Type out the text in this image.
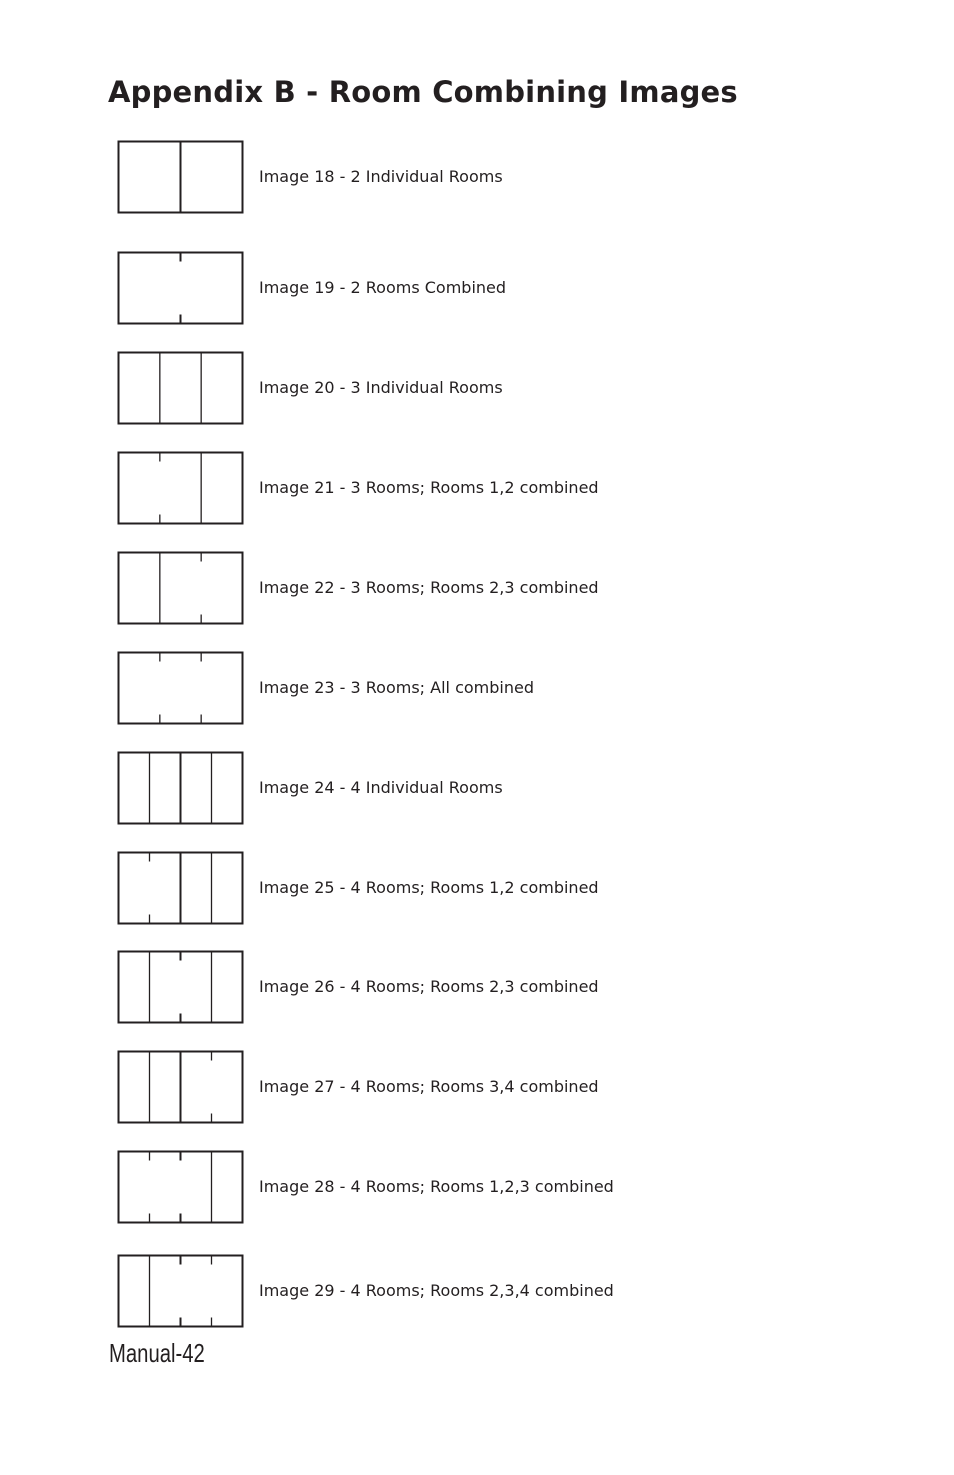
Appendix B - Room Combining Images
Image 18 - 2 Individual Rooms
Image 19 - 2 Rooms Combined
Image 20 - 3 Individual Rooms
Image 21 - 3 Rooms; Rooms 1,2 combined
Image 22 - 3 Rooms; Rooms 2,3 combined
Image 23 - 3 Rooms; All combined
Image 24 - 4 Individual Rooms
Image 25 - 4 Rooms; Rooms 1,2 combined
Image 26 - 4 Rooms; Rooms 2,3 combined
Image 27 - 4 Rooms; Rooms 3,4 combined
Image 28 - 4 Rooms; Rooms 1,2,3 combined
Image 29 - 4 Rooms; Rooms 2,3,4 combined
Manual-42
